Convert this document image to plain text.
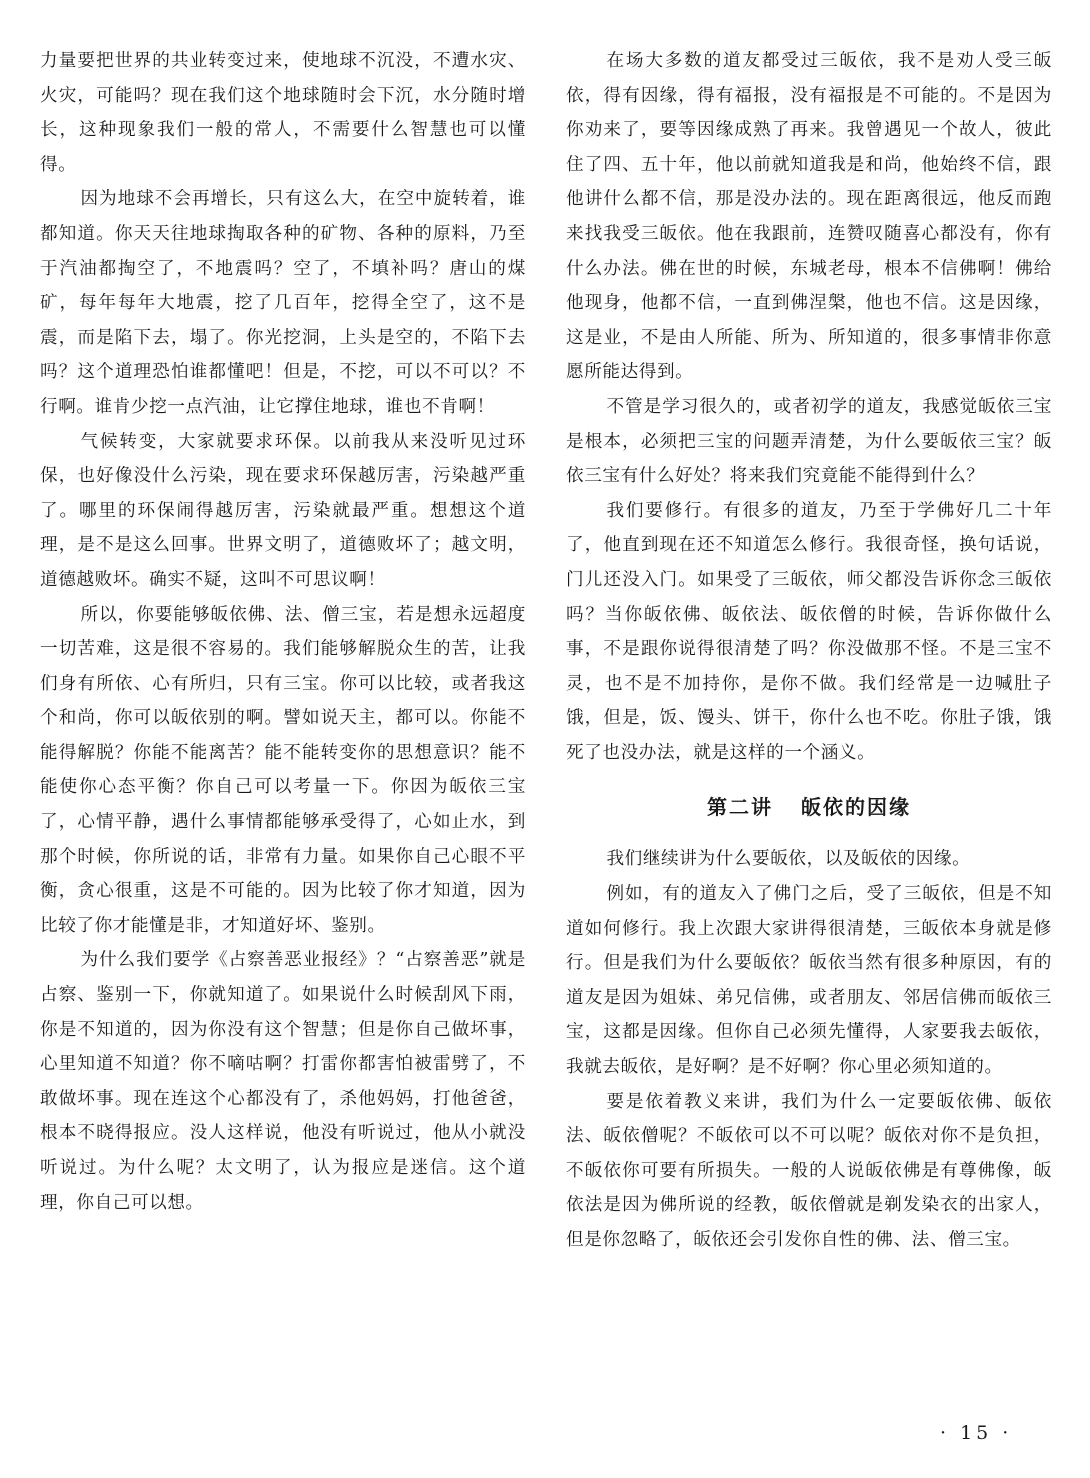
力量要把世界的共业转变过来，使地球不沉没，不遭水灾、火灾，可能吗？现在我们这个地球随时会下沉，水分随时增长，这种现象我们一般的常人，不需要什么智慧也可以懂得。

因为地球不会再增长，只有这么大，在空中旋转着，谁都知道。你天天往地球掏取各种的矿物、各种的原料，乃至于汽油都掏空了，不地震吗？空了，不填补吗？唐山的煤矿，每年每年大地震，挖了几百年，挖得全空了，这不是震，而是陷下去，塌了。你光挖洞，上头是空的，不陷下去吗？这个道理恐怕谁都懂吧！但是，不挖，可以不可以？不行啊。谁肯少挖一点汽油，让它撑住地球，谁也不肯啊！

气候转变，大家就要求环保。以前我从来没听见过环保，也好像没什么污染，现在要求环保越厉害，污染越严重了。哪里的环保闹得越厉害，污染就最严重。想想这个道理，是不是这么回事。世界文明了，道德败坏了；越文明，道德越败坏。确实不疑，这叫不可思议啊！

所以，你要能够皈依佛、法、僧三宝，若是想永远超度一切苦难，这是很不容易的。我们能够解脱众生的苦，让我们身有所依、心有所归，只有三宝。你可以比较，或者我这个和尚，你可以皈依别的啊。譬如说天主，都可以。你能不能得解脱？你能不能离苦？能不能转变你的思想意识？能不能使你心态平衡？你自己可以考量一下。你因为皈依三宝了，心情平静，遇什么事情都能够承受得了，心如止水，到那个时候，你所说的话，非常有力量。如果你自己心眼不平衡，贪心很重，这是不可能的。因为比较了你才知道，因为比较了你才能懂是非，才知道好坏、鉴别。

为什么我们要学《占察善恶业报经》？“占察善恶”就是占察、鉴别一下，你就知道了。如果说什么时候刮风下雨，你是不知道的，因为你没有这个智慧；但是你自己做坏事，心里知道不知道？你不嘀咕啊？打雷你都害怕被雷劈了，不敢做坏事。现在连这个心都没有了，杀他妈妈，打他爸爸，根本不晓得报应。没人这样说，他没有听说过，他从小就没听说过。为什么呢？太文明了，认为报应是迷信。这个道理，你自己可以想。

在场大多数的道友都受过三皈依，我不是劝人受三皈依，得有因缘，得有福报，没有福报是不可能的。不是因为你劝来了，要等因缘成熟了再来。我曾遇见一个故人，彼此住了四、五十年，他以前就知道我是和尚，他始终不信，跟他讲什么都不信，那是没办法的。现在距离很远，他反而跑来找我受三皈依。他在我跟前，连赞叹随喜心都没有，你有什么办法。佛在世的时候，东城老母，根本不信佛啊！佛给他现身，他都不信，一直到佛涅槃，他也不信。这是因缘，这是业，不是由人所能、所为、所知道的，很多事情非你意愿所能达得到。

不管是学习很久的，或者初学的道友，我感觉皈依三宝是根本，必须把三宝的问题弄清楚，为什么要皈依三宝？皈依三宝有什么好处？将来我们究竟能不能得到什么？

我们要修行。有很多的道友，乃至于学佛好几二十年了，他直到现在还不知道怎么修行。我很奇怪，换句话说，门儿还没入门。如果受了三皈依，师父都没告诉你念三皈依吗？当你皈依佛、皈依法、皈依僧的时候，告诉你做什么事，不是跟你说得很清楚了吗？你没做那不怪。不是三宝不灵，也不是不加持你，是你不做。我们经常是一边喊肚子饿，但是，饭、馒头、饼干，你什么也不吃。你肚子饿，饿死了也没办法，就是这样的一个涵义。

第二讲 皈依的因缘

我们继续讲为什么要皈依，以及皈依的因缘。

例如，有的道友入了佛门之后，受了三皈依，但是不知道如何修行。我上次跟大家讲得很清楚，三皈依本身就是修行。但是我们为什么要皈依？皈依当然有很多种原因，有的道友是因为姐妹、弟兄信佛，或者朋友、邻居信佛而皈依三宝，这都是因缘。但你自己必须先懂得，人家要我去皈依，我就去皈依，是好啊？是不好啊？你心里必须知道的。

要是依着教义来讲，我们为什么一定要皈依佛、皈依法、皈依僧呢？不皈依可以不可以呢？皈依对你不是负担，不皈依你可要有所损失。一般的人说皈依佛是有尊佛像，皈依法是因为佛所说的经教，皈依僧就是剃发染衣的出家人，但是你忽略了，皈依还会引发你自性的佛、法、僧三宝。

· 15 ·
